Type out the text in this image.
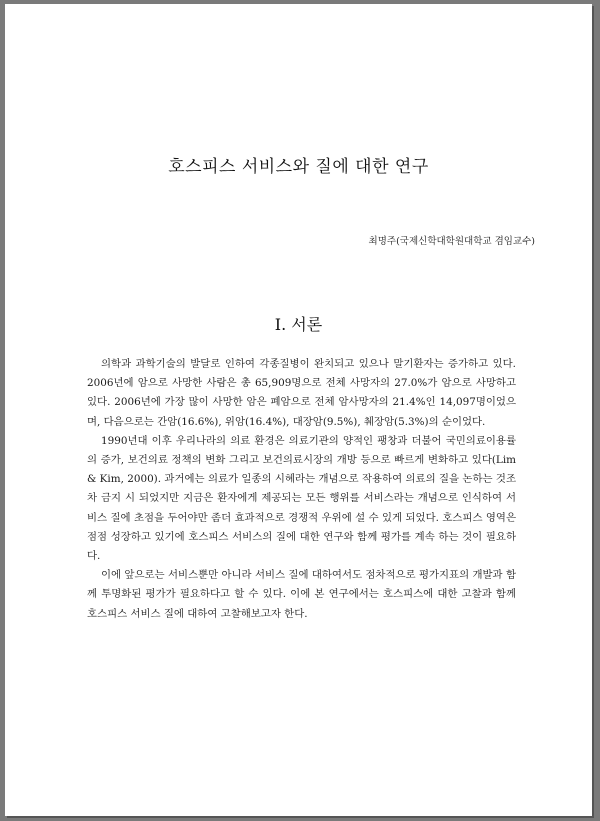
호스피스 서비스와 질에 대한 연구

최명주(국제신학대학원대학교 겸임교수)

Ⅰ. 서론

의학과 과학기술의 발달로 인하여 각종질병이 완치되고 있으나 말기환자는 증가하고 있다. 2006년에 암으로 사망한 사람은 총 65,909명으로 전체 사망자의 27.0%가 암으로 사망하고 있다. 2006년에 가장 많이 사망한 암은 폐암으로 전체 암사망자의 21.4%인 14,097명이었으며, 다음으로는 간암(16.6%), 위암(16.4%), 대장암(9.5%), 췌장암(5.3%)의 순이었다.

1990년대 이후 우리나라의 의료 환경은 의료기관의 양적인 팽창과 더불어 국민의료이용률의 증가, 보건의료 정책의 변화 그리고 보건의료시장의 개방 등으로 빠르게 변화하고 있다(Lim & Kim, 2000). 과거에는 의료가 일종의 시혜라는 개념으로 작용하여 의료의 질을 논하는 것조차 금지 시 되었지만 지금은 환자에게 제공되는 모든 행위를 서비스라는 개념으로 인식하여 서비스 질에 초점을 두어야만 좀더 효과적으로 경쟁적 우위에 설 수 있게 되었다. 호스피스 영역은 점점 성장하고 있기에 호스피스 서비스의 질에 대한 연구와 함께 평가를 계속 하는 것이 필요하다.

이에 앞으로는 서비스뿐만 아니라 서비스 질에 대하여서도 점차적으로 평가지표의 개발과 함께 투명화된 평가가 필요하다고 할 수 있다. 이에 본 연구에서는 호스피스에 대한 고찰과 함께 호스피스 서비스 질에 대하여 고찰해보고자 한다.
